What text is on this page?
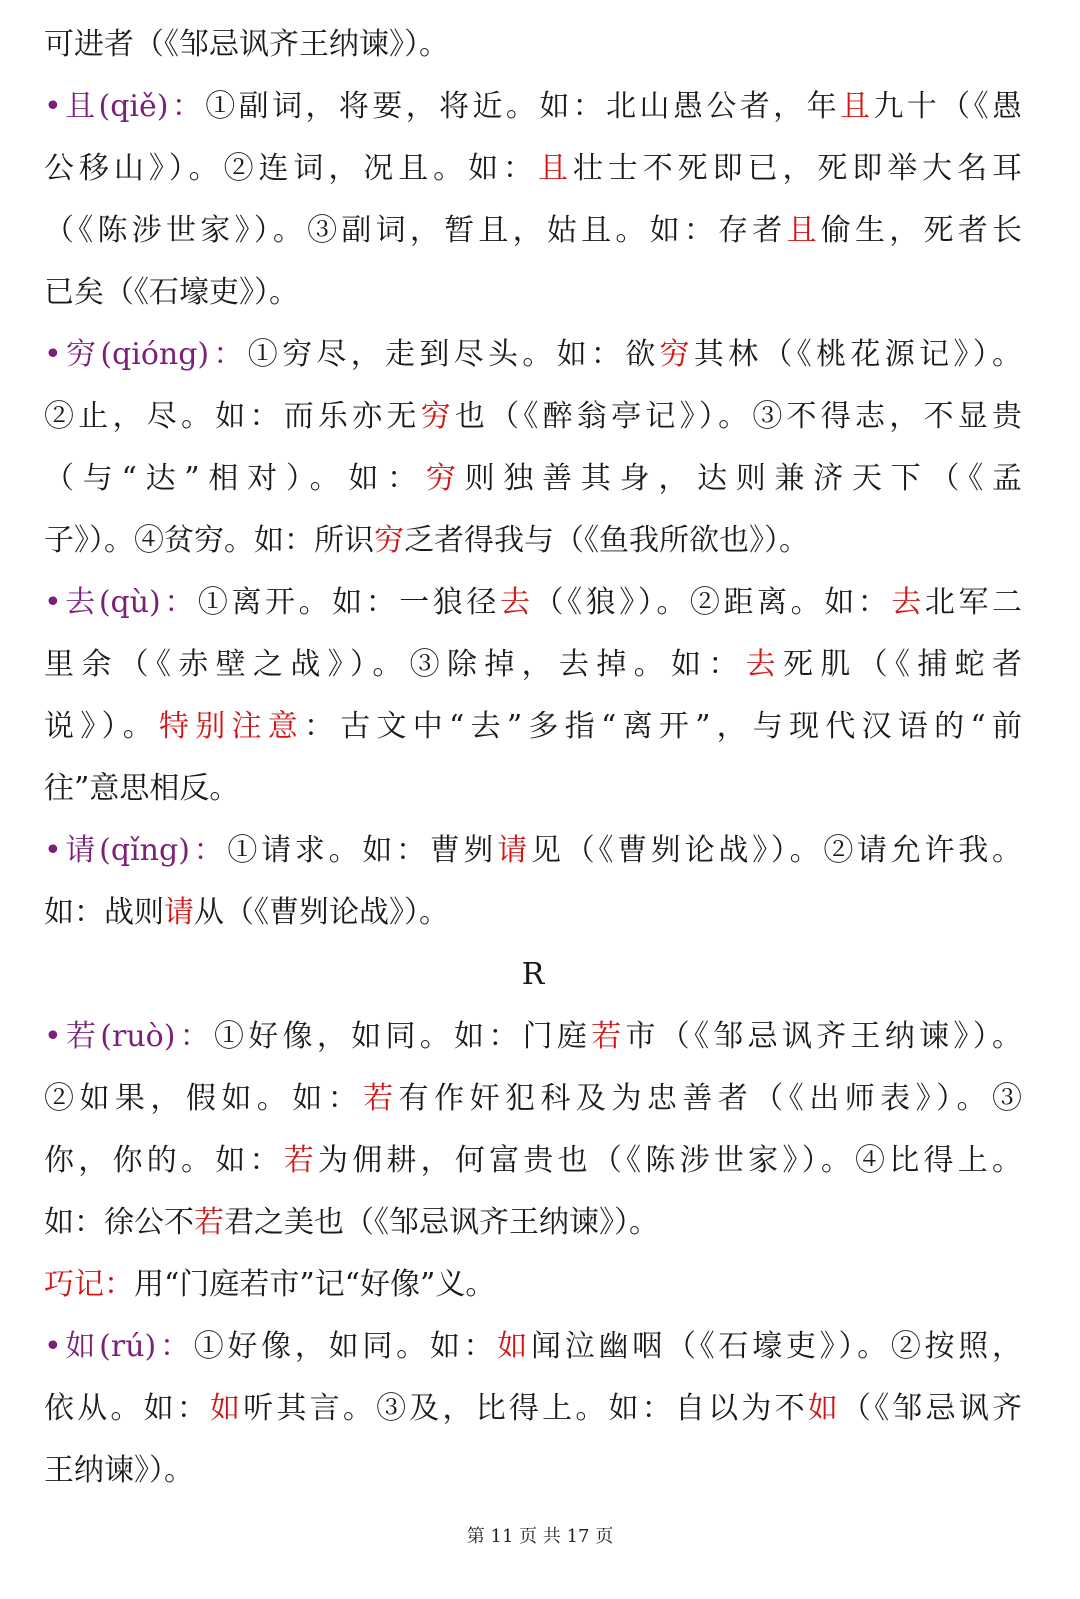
可进者（《邹忌讽齐王纳谏》）。
•且(qiě)：①副词，将要，将近。如：北山愚公者，年且九十（《愚
公移山》）。②连词，况且。如：且壮士不死即已，死即举大名耳
（《陈涉世家》）。③副词，暂且，姑且。如：存者且偷生，死者长
已矣（《石壕吏》）。
•穷(qióng)：①穷尽，走到尽头。如：欲穷其林（《桃花源记》）。
②止，尽。如：而乐亦无穷也（《醉翁亭记》）。③不得志，不显贵
（与“达”相对）。如：穷则独善其身，达则兼济天下（《孟
子》）。④贫穷。如：所识穷乏者得我与（《鱼我所欲也》）。
•去(qù)：①离开。如：一狼径去（《狼》）。②距离。如：去北军二
里余（《赤壁之战》）。③除掉，去掉。如：去死肌（《捕蛇者
说》）。特别注意：古文中“去”多指“离开”，与现代汉语的“前
往”意思相反。
•请(qǐng)：①请求。如：曹刿请见（《曹刿论战》）。②请允许我。
如：战则请从（《曹刿论战》）。
R
•若(ruò)：①好像，如同。如：门庭若市（《邹忌讽齐王纳谏》）。
②如果，假如。如：若有作奸犯科及为忠善者（《出师表》）。③
你，你的。如：若为佣耕，何富贵也（《陈涉世家》）。④比得上。
如：徐公不若君之美也（《邹忌讽齐王纳谏》）。
巧记：用“门庭若市”记“好像”义。
•如(rú)：①好像，如同。如：如闻泣幽咽（《石壕吏》）。②按照，
依从。如：如听其言。③及，比得上。如：自以为不如（《邹忌讽齐
王纳谏》）。
第 11 页 共 17 页
